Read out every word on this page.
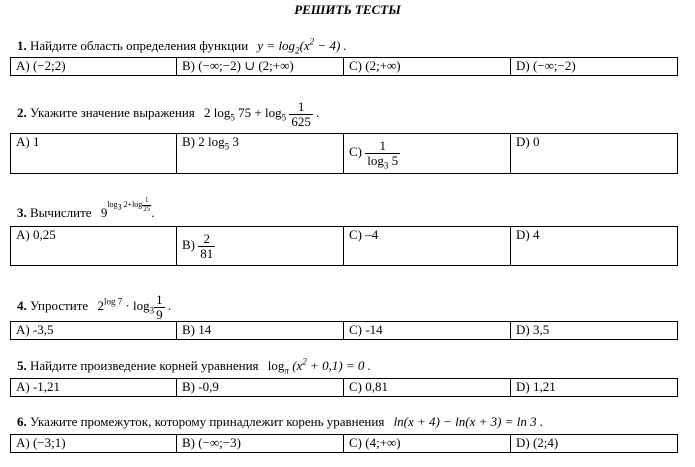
РЕШИТЬ ТЕСТЫ
1. Найдите область определения функции $y = \log_2(x^2 - 4)$ .
A) (−2;2)	B) (−∞;−2) ∪ (2;+∞)	C) (2;+∞)	D) (−∞;−2)
2. Укажите значение выражения 2 $\log_5 75 + \log_5 \frac{1}{625}$ .
A) 1	B) 2 $\log_5 3$	$C) \frac{1}{\log_3 5}$	D) 0
3. Вычислите $9^{log_3 2+log \frac{1}{25}}$ .
A) 0,25	$B) \frac{2}{81}$	C) –4	D) 4
4. Упростите $2^{log 7} \cdot \log_3 \frac{1}{9}$ .
A) -3,5	B) 14	C) -14	D) 3,5
5. Найдите произведение корней уравнения $\log_\pi (x^2 + 0,1) = 0$ .
A) -1,21	B) -0,9	C) 0,81	D) 1,21
6. Укажите промежуток, которому принадлежит корень уравнения ln(x + 4) − ln(x + 3) = ln 3 .
A) (−3;1)	B) (−∞;−3)	C) (4;+∞)	D) (2;4)
